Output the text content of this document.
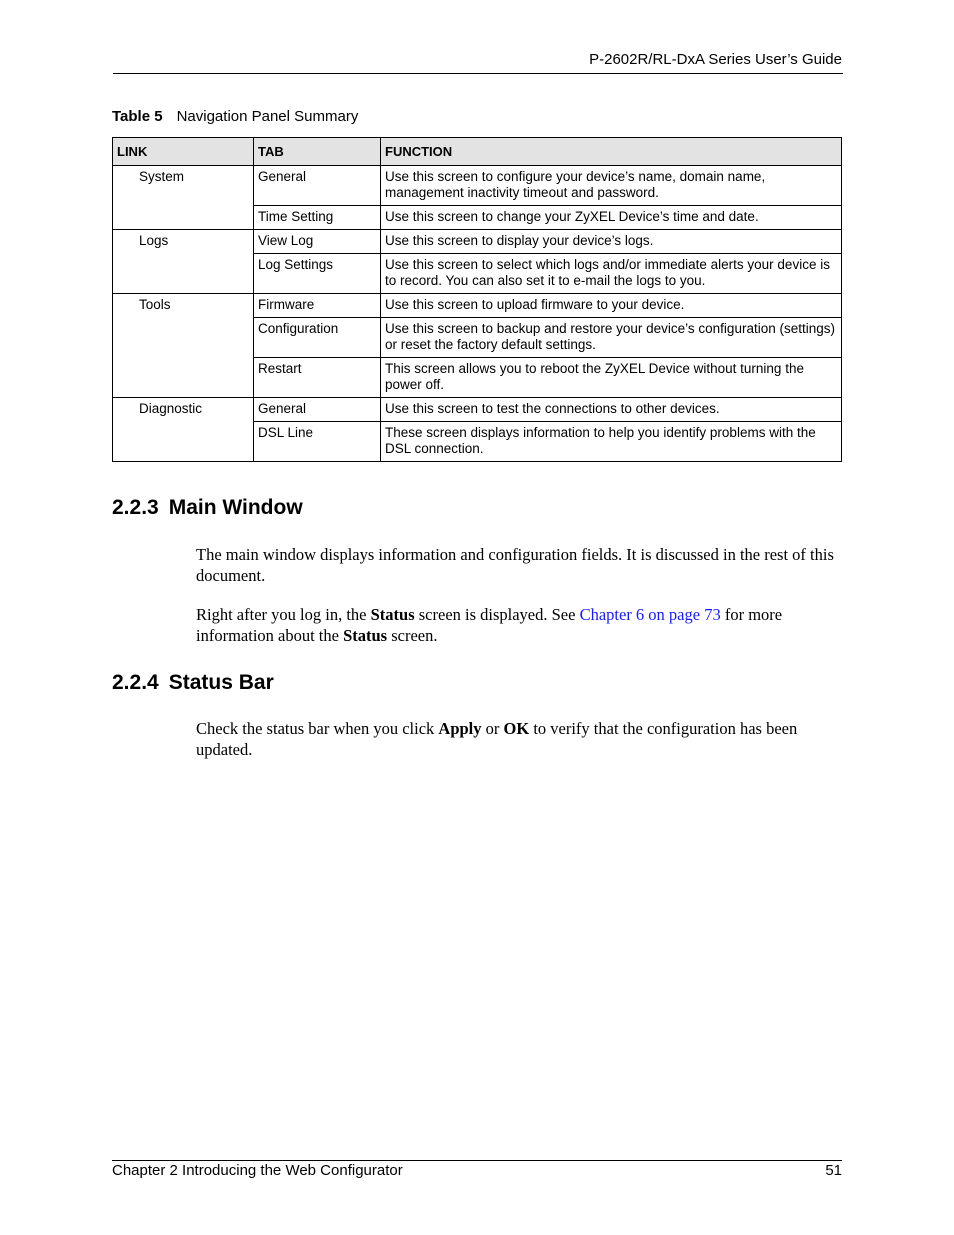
P-2602R/RL-DxA Series User’s Guide
Table 5 Navigation Panel Summary
LINK	TAB	FUNCTION
System	General	Use this screen to configure your device’s name, domain name, management inactivity timeout and password.
	Time Setting	Use this screen to change your ZyXEL Device’s time and date.
Logs	View Log	Use this screen to display your device’s logs.
	Log Settings	Use this screen to select which logs and/or immediate alerts your device is to record. You can also set it to e-mail the logs to you.
Tools	Firmware	Use this screen to upload firmware to your device.
	Configuration	Use this screen to backup and restore your device’s configuration (settings) or reset the factory default settings.
	Restart	This screen allows you to reboot the ZyXEL Device without turning the power off.
Diagnostic	General	Use this screen to test the connections to other devices.
	DSL Line	These screen displays information to help you identify problems with the DSL connection.
2.2.3 Main Window

The main window displays information and configuration fields. It is discussed in the rest of this document.

Right after you log in, the Status screen is displayed. See Chapter 6 on page 73 for more information about the Status screen.

2.2.4 Status Bar

Check the status bar when you click Apply or OK to verify that the configuration has been updated.

Chapter 2 Introducing the Web Configurator	51
